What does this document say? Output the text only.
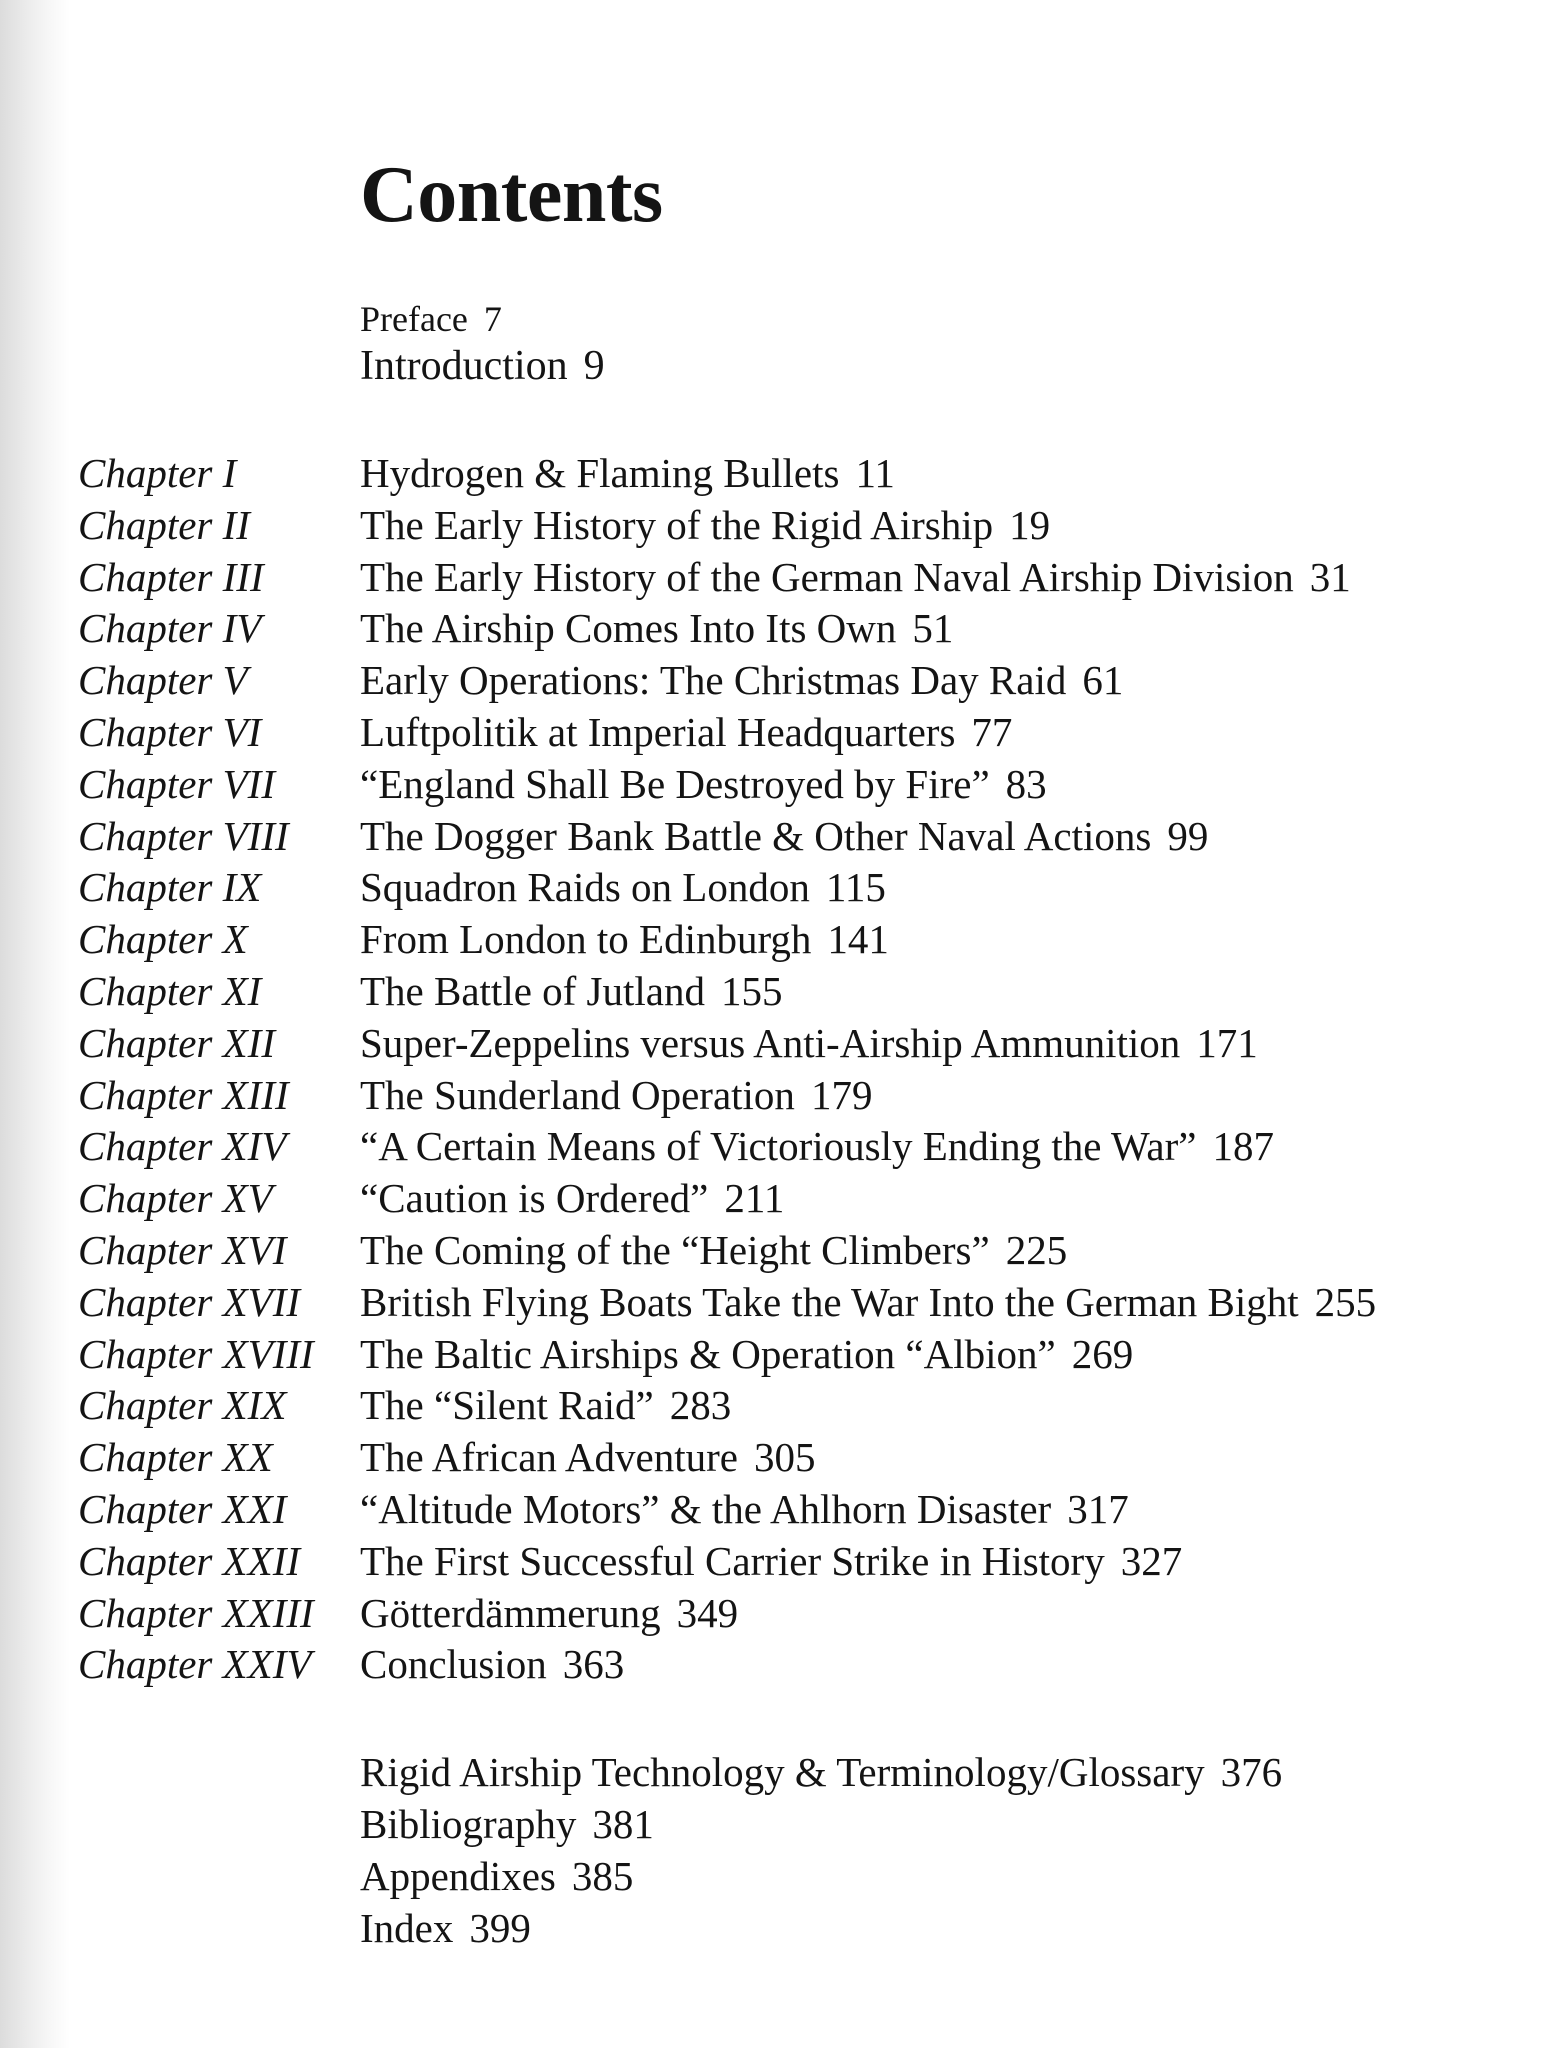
Contents
Preface 7
Introduction 9
Chapter I	Hydrogen & Flaming Bullets 11
Chapter II	The Early History of the Rigid Airship 19
Chapter III The Early History of the German Naval Airship Division 31
Chapter IV The Airship Comes Into Its Own 51
Chapter V	Early Operations: The Christmas Day Raid 61
Chapter VI Luftpolitik at Imperial Headquarters 77
Chapter VII “England Shall Be Destroyed by Fire” 83
Chapter VIII The Dogger Bank Battle & Other Naval Actions 99
Chapter IX Squadron Raids on London 115
Chapter X	From London to Edinburgh 141
Chapter XI The Battle of Jutland 155
Chapter XII Super-Zeppelins versus Anti-Airship Ammunition 171
Chapter XIII The Sunderland Operation 179
Chapter XIV “A Certain Means of Victoriously Ending the War” 187
Chapter XV “Caution is Ordered” 211
Chapter XVI The Coming of the “Height Climbers” 225
Chapter XVII British Flying Boats Take the War Into the German Bight 255
Chapter XVIII The Baltic Airships & Operation “Albion” 269
Chapter XIX The “Silent Raid” 283
Chapter XX The African Adventure 305
Chapter XXI “Altitude Motors” & the Ahlhorn Disaster 317
Chapter XXII The First Successful Carrier Strike in History 327
Chapter XXIII Götterdämmerung 349
Chapter XXIV Conclusion 363
Rigid Airship Technology & Terminology/Glossary 376
Bibliography 381
Appendixes 385
Index 399
